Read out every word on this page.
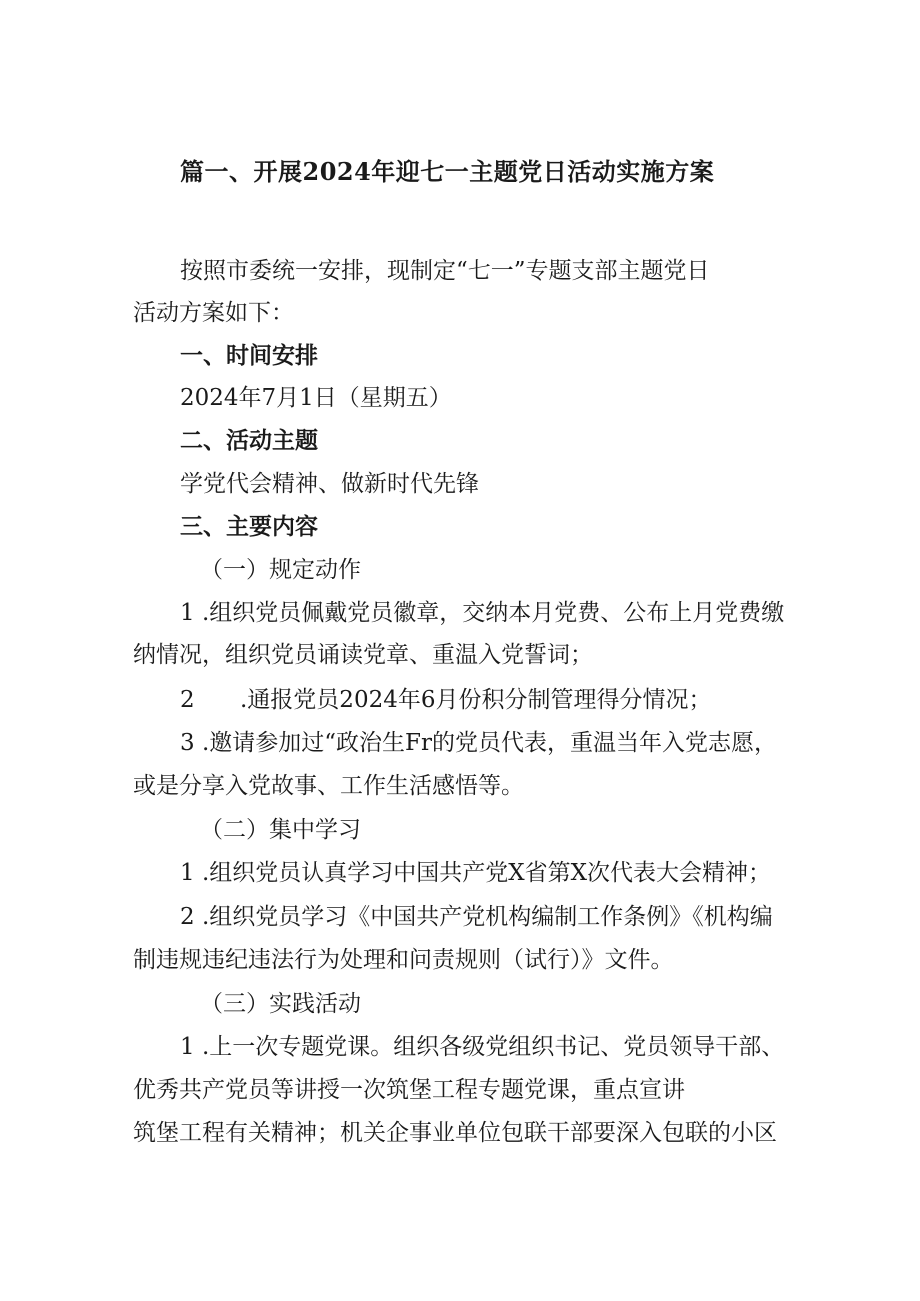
篇一、开展2024年迎七一主题党日活动实施方案
按照市委统一安排，现制定“七一”专题支部主题党日
活动方案如下：
一、时间安排
2024年7月1日（星期五）
二、活动主题
学党代会精神、做新时代先锋
三、主要内容
（一）规定动作
1 .组织党员佩戴党员徽章，交纳本月党费、公布上月党费缴
纳情况，组织党员诵读党章、重温入党誓词；
2 .通报党员2024年6月份积分制管理得分情况；
3 .邀请参加过“政治生Fr的党员代表，重温当年入党志愿，
或是分享入党故事、工作生活感悟等。
（二）集中学习
1 .组织党员认真学习中国共产党X省第X次代表大会精神；
2 .组织党员学习《中国共产党机构编制工作条例》《机构编
制违规违纪违法行为处理和问责规则（试行）》文件。
（三）实践活动
1 .上一次专题党课。组织各级党组织书记、党员领导干部、
优秀共产党员等讲授一次筑堡工程专题党课，重点宣讲
筑堡工程有关精神；机关企事业单位包联干部要深入包联的小区
